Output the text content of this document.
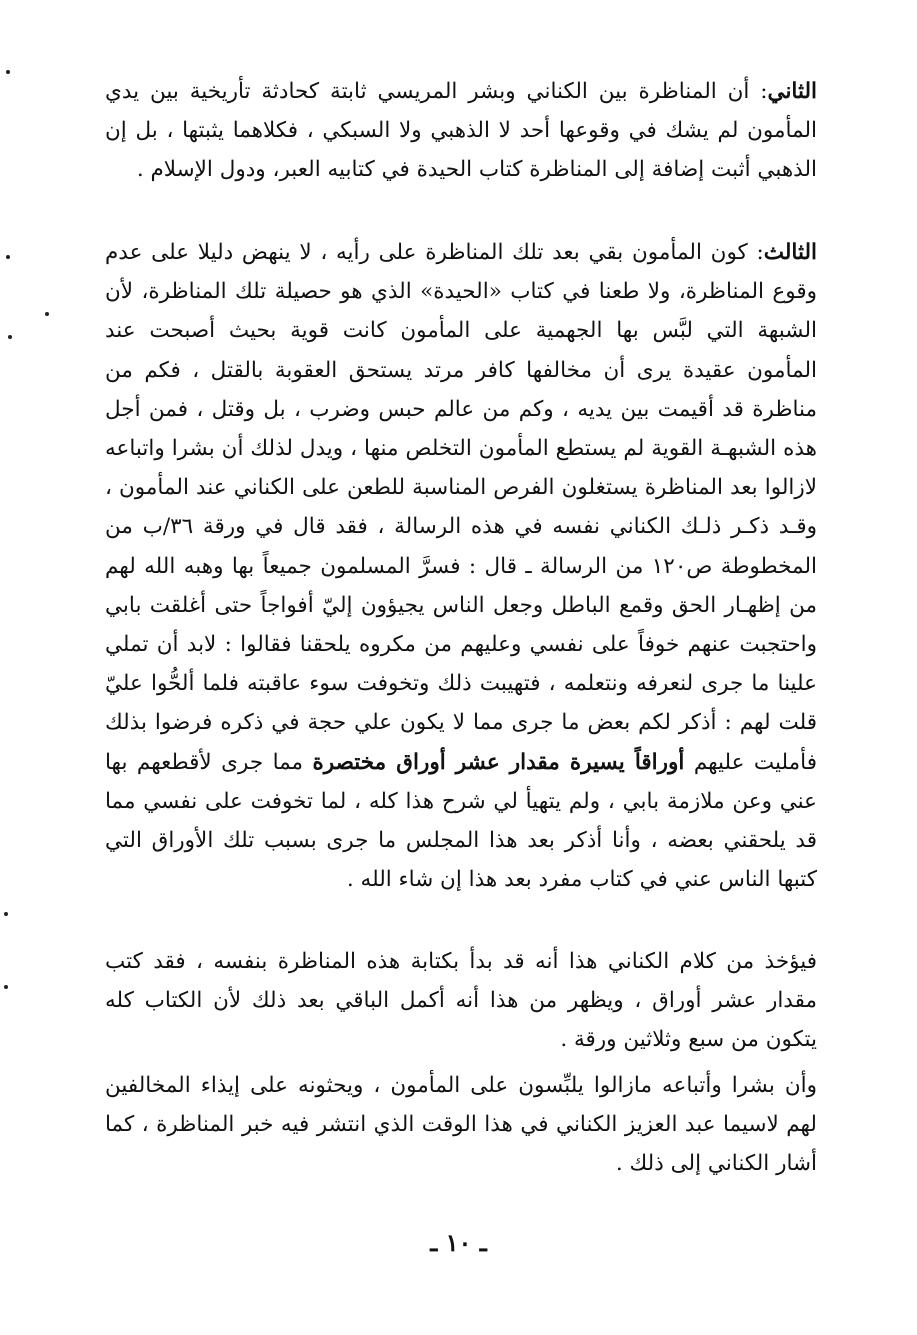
الثاني: أن المناظرة بين الكناني وبشر المريسي ثابتة كحادثة تأريخية بين يدي المأمون لم يشك في وقوعها أحد لا الذهبي ولا السبكي ، فكلاهما يثبتها ، بل إن الذهبي أثبت إضافة إلى المناظرة كتاب الحيدة في كتابيه العبر، ودول الإسلام .

الثالث: كون المأمون بقي بعد تلك المناظرة على رأيه ، لا ينهض دليلا على عدم وقوع المناظرة، ولا طعنا في كتاب «الحيدة» الذي هو حصيلة تلك المناظرة، لأن الشبهة التي لبَّس بها الجهمية على المأمون كانت قوية بحيث أصبحت عند المأمون عقيدة يرى أن مخالفها كافر مرتد يستحق العقوبة بالقتل ، فكم من مناظرة قد أقيمت بين يديه ، وكم من عالم حبس وضرب ، بل وقتل ، فمن أجل هذه الشبهـة القوية لم يستطع المأمون التخلص منها ، ويدل لذلك أن بشرا واتباعه لازالوا بعد المناظرة يستغلون الفرص المناسبة للطعن على الكناني عند المأمون ، وقـد ذكـر ذلـك الكناني نفسه في هذه الرسالة ، فقد قال في ورقة ٣٦/ب من المخطوطة ص١٢٠ من الرسالة ـ قال : فسرَّ المسلمون جميعاً بها وهبه الله لهم من إظهـار الحق وقمع الباطل وجعل الناس يجيؤون إليّ أفواجاً حتى أغلقت بابي واحتجبت عنهم خوفاً على نفسي وعليهم من مكروه يلحقنا فقالوا : لابد أن تملي علينا ما جرى لنعرفه ونتعلمه ، فتهيبت ذلك وتخوفت سوء عاقبته فلما ألحُّوا عليّ قلت لهم : أذكر لكم بعض ما جرى مما لا يكون علي حجة في ذكره فرضوا بذلك فأمليت عليهم أوراقاً يسيرة مقدار عشر أوراق مختصرة مما جرى لأقطعهم بها عني وعن ملازمة بابي ، ولم يتهيأ لي شرح هذا كله ، لما تخوفت على نفسي مما قد يلحقني بعضه ، وأنا أذكر بعد هذا المجلس ما جرى بسبب تلك الأوراق التي كتبها الناس عني في كتاب مفرد بعد هذا إن شاء الله .

فيؤخذ من كلام الكناني هذا أنه قد بدأ بكتابة هذه المناظرة بنفسه ، فقد كتب مقدار عشر أوراق ، ويظهر من هذا أنه أكمل الباقي بعد ذلك لأن الكتاب كله يتكون من سبع وثلاثين ورقة .

وأن بشرا وأتباعه مازالوا يلبِّسون على المأمون ، ويحثونه على إيذاء المخالفين لهم لاسيما عبد العزيز الكناني في هذا الوقت الذي انتشر فيه خبر المناظرة ، كما أشار الكناني إلى ذلك .

ـ ١٠ ـ
